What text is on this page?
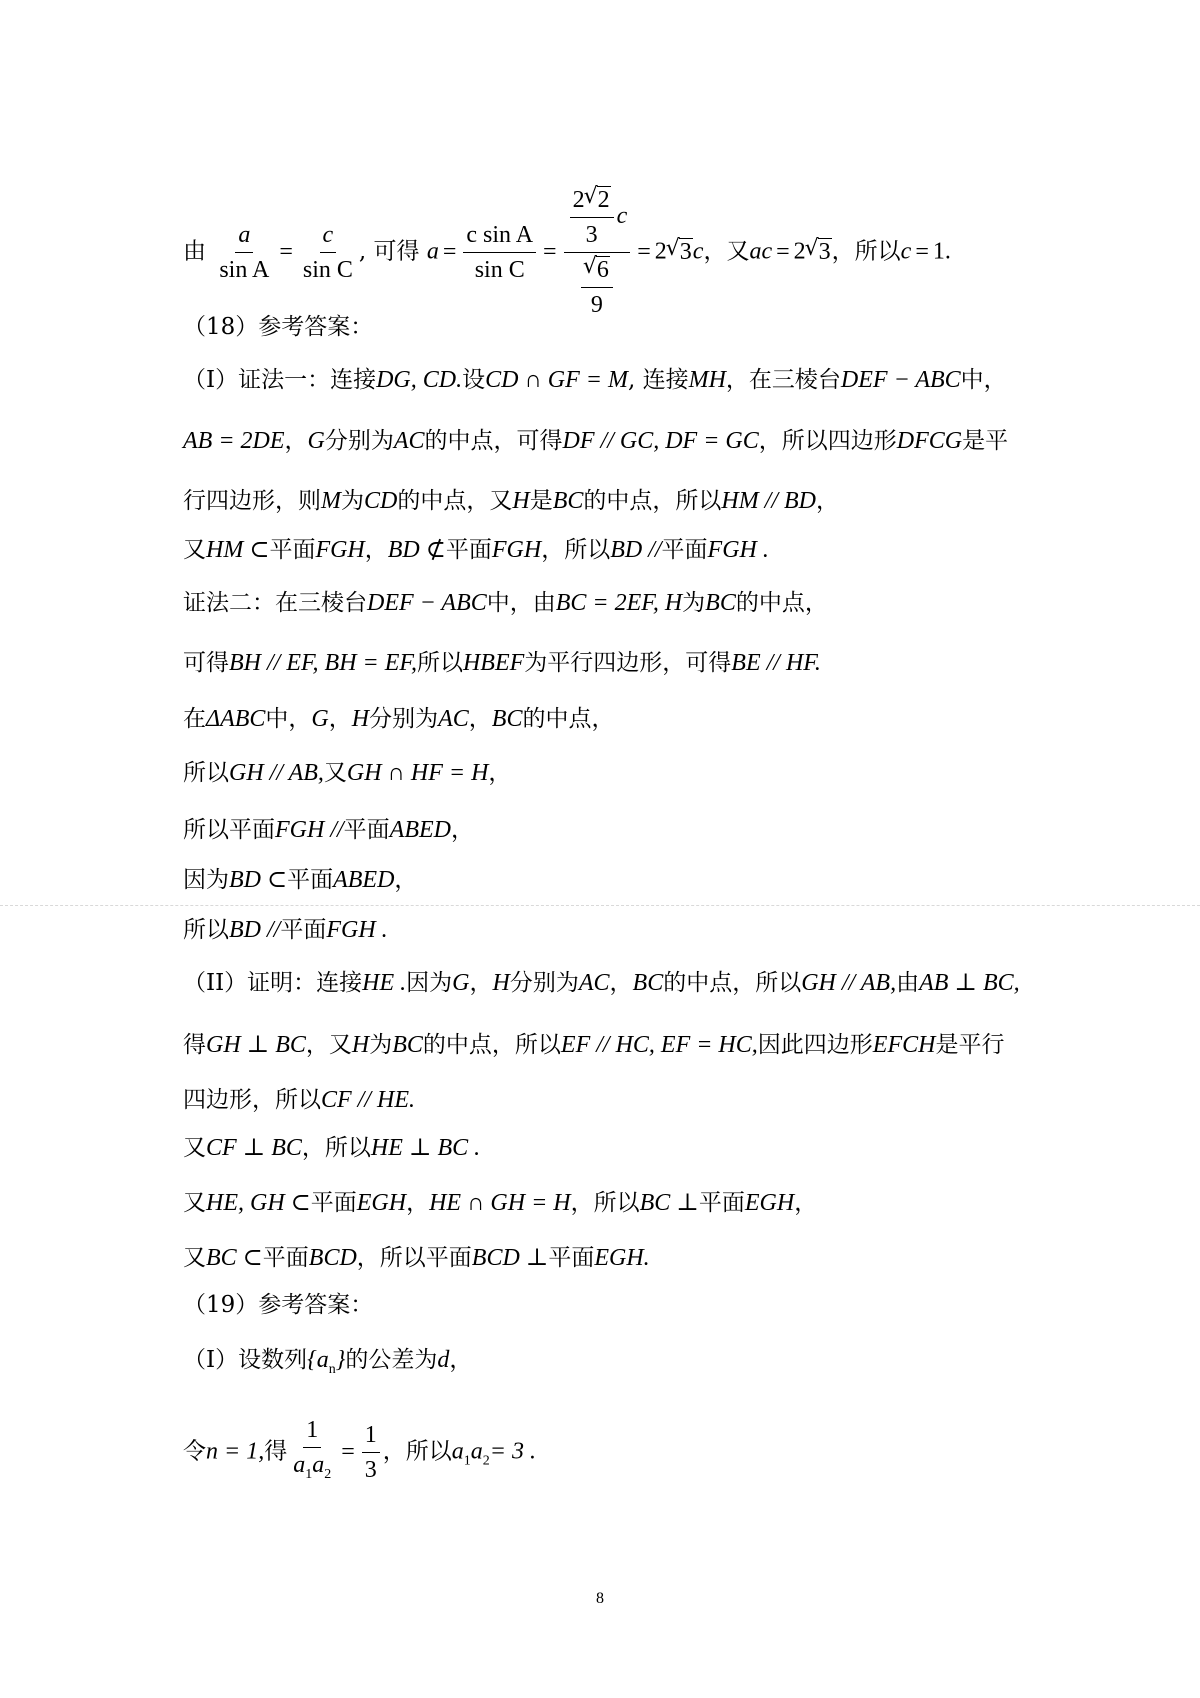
由 $\frac{a}{\text{sin A}} = \frac{c}{\text{sin C}}$ , 可得 $a = \frac{\text{c sin A}}{\text{sin C}} = \frac{2√ 2}{3}$ c
√ $\frac{6}{9} = 2√$ 3c，又ac = 2√ 3，所以c = 1.
（18）参考答案：
（I）证法一：连接DG, CD.设CD ∩ GF = M, 连接MH，在三棱台DEF − ABC中，
AB = 2DE，G分别为AC的中点，可得DF // GC, DF = GC，所以四边形DFCG是平
行四边形，则M为CD的中点，又H是BC的中点，所以HM // BD，
又HM ⊂平面FGH，BD ⊄平面FGH，所以BD //平面FGH .
证法二：在三棱台DEF − ABC中，由BC = 2EF, H为BC的中点，
可得BH // EF, BH = EF,所以HBEF为平行四边形，可得BE // HF.
在ΔABC中，G，H分别为AC，BC的中点，
所以GH // AB,又GH ∩ HF = H，
所以平面FGH //平面ABED，
因为BD ⊂平面ABED，
所以BD //平面FGH .
（II）证明：连接HE .因为G，H分别为AC，BC的中点，所以GH // AB,由AB ⊥ BC,
得GH ⊥ BC，又H为BC的中点，所以EF // HC, EF = HC,因此四边形EFCH是平行
四边形，所以CF // HE.
又CF ⊥ BC，所以HE ⊥ BC .
又HE, GH ⊂平面EGH，HE ∩ GH = H，所以BC ⊥平面EGH，
又BC ⊂平面BCD，所以平面BCD ⊥平面EGH.
（19）参考答案：
（I）设数列$\{a_n\}$的公差为d，
令n = 1,得 $\frac{1}{a_1a_2} = \frac{1}{3}$ ，所以$a_1a_2= 3$ .
8
